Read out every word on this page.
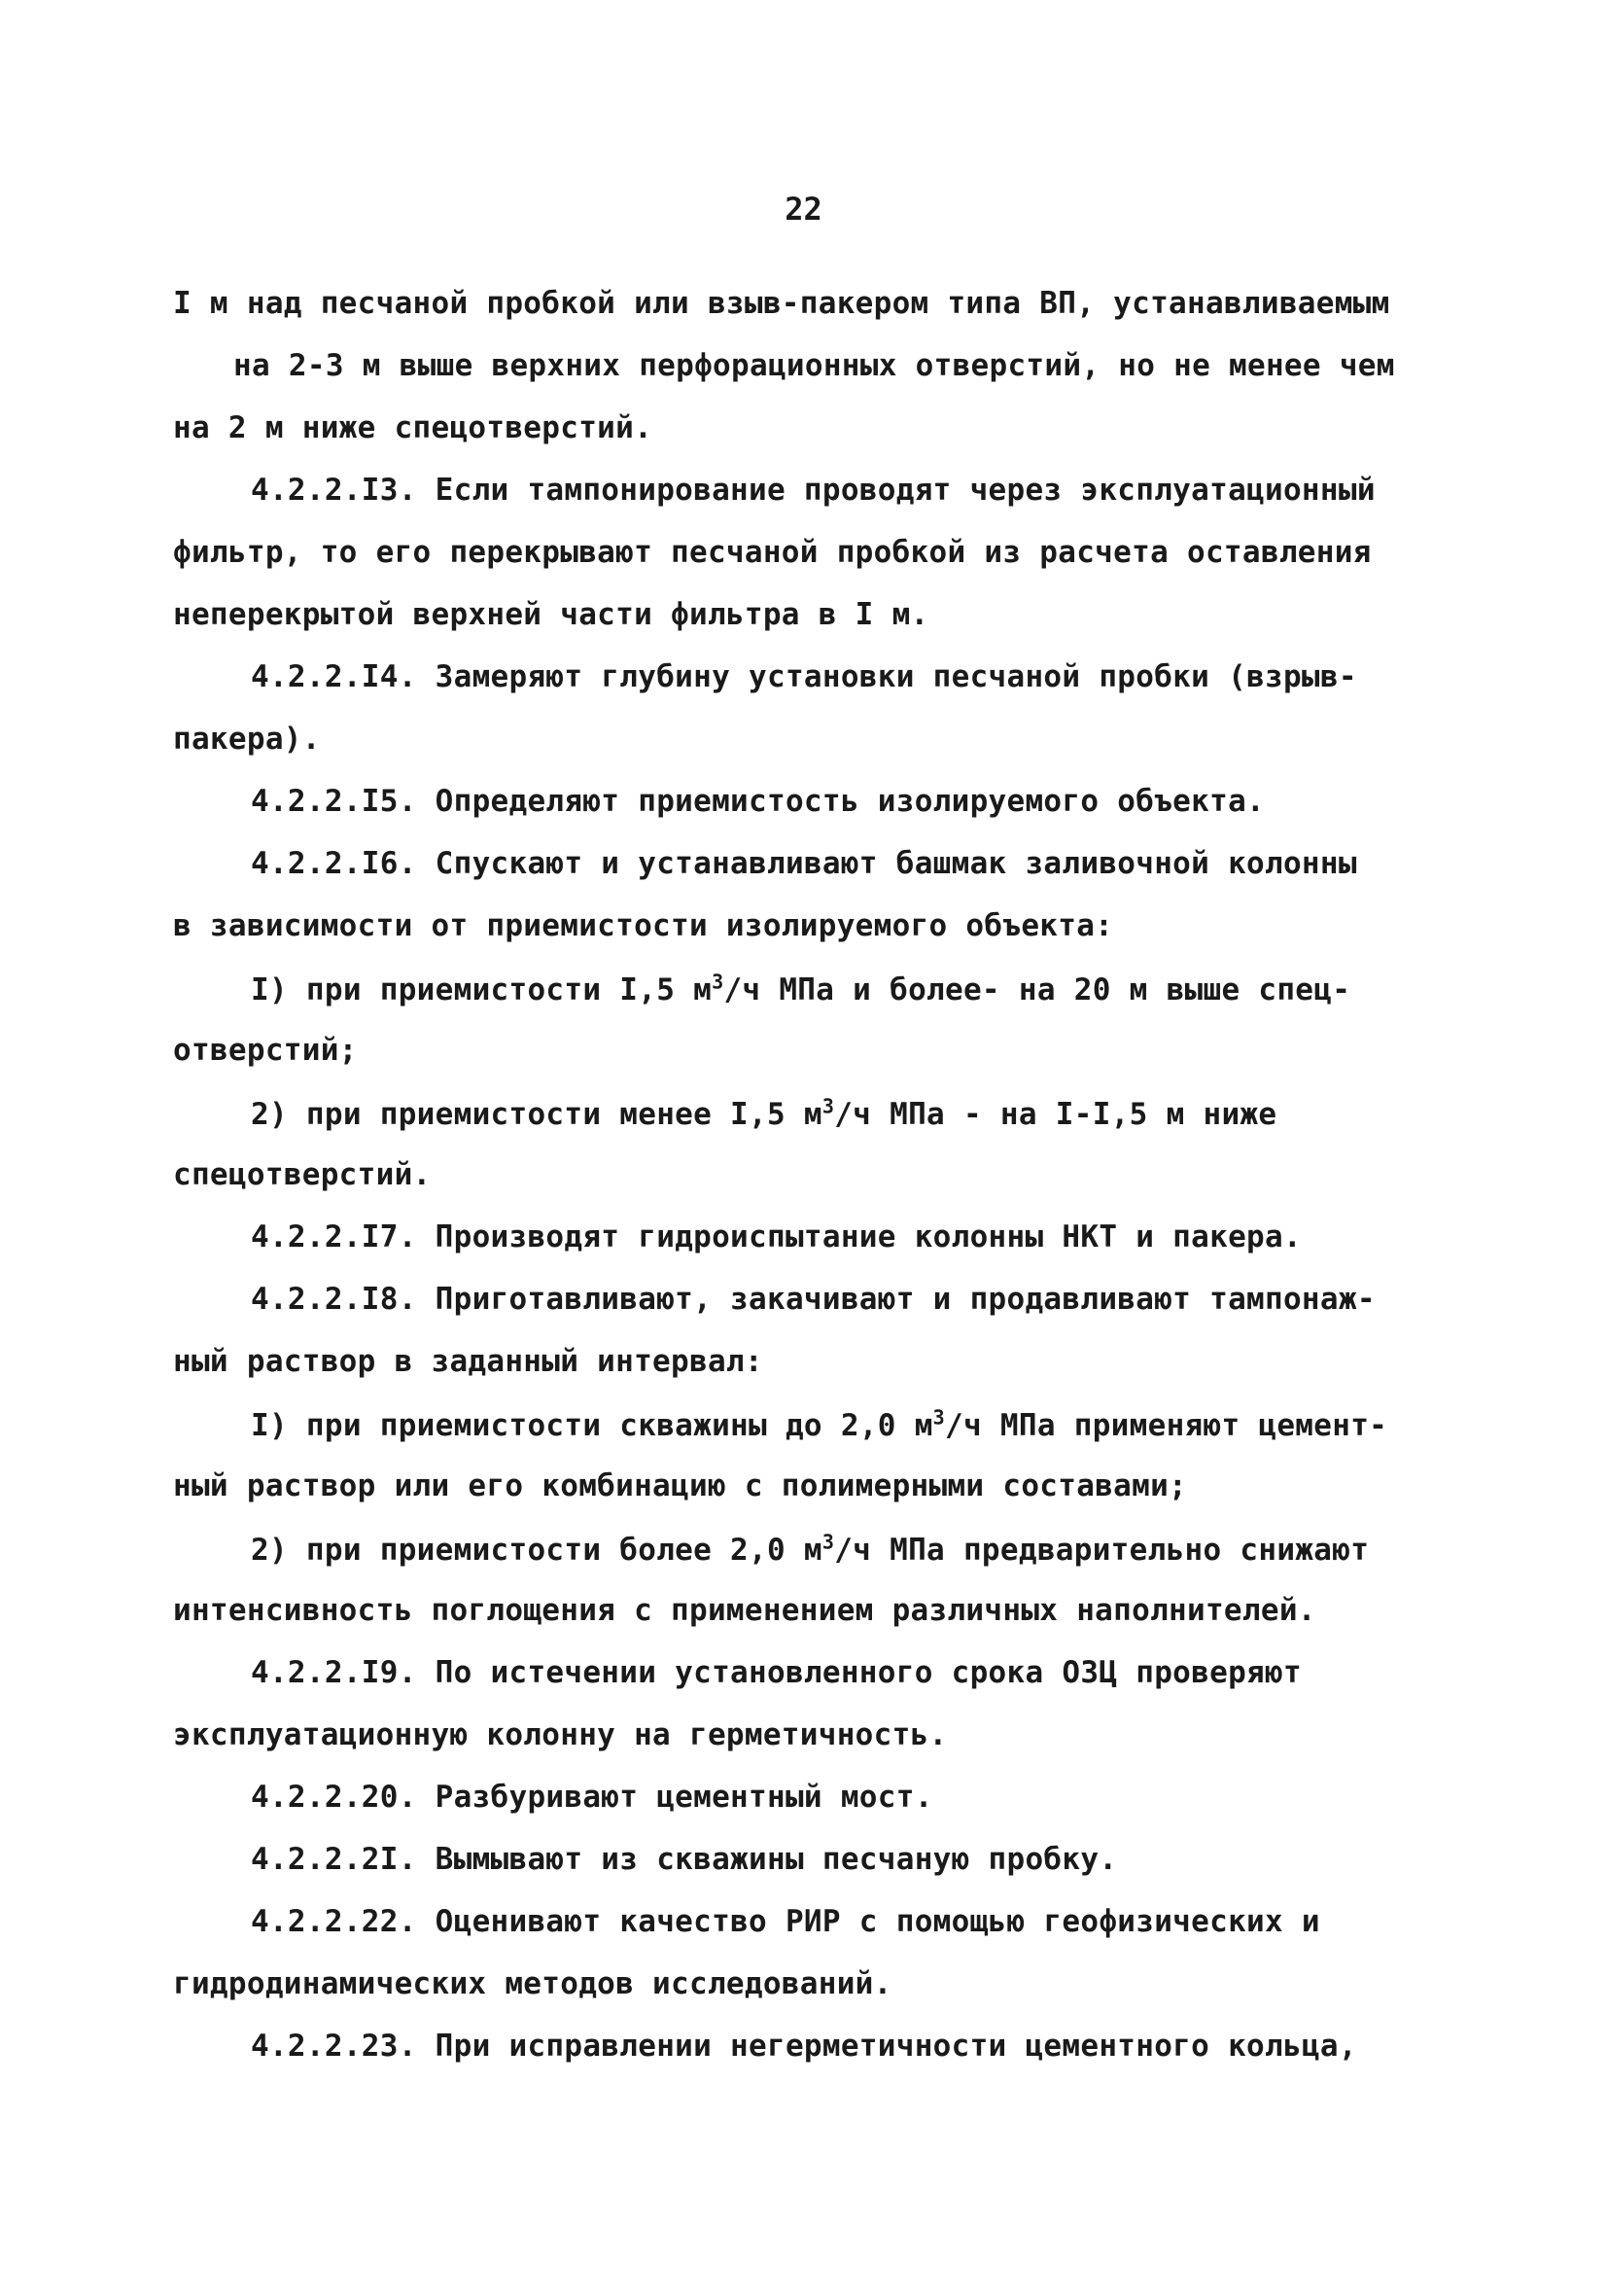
22
I м над песчаной пробкой или взыв-пакером типа ВП, устанавливаемым
на 2-3 м выше верхних перфорационных отверстий, но не менее чем
на 2 м ниже спецотверстий.
4.2.2.I3. Если тампонирование проводят через эксплуатационный
фильтр, то его перекрывают песчаной пробкой из расчета оставления
неперекрытой верхней части фильтра в I м.
4.2.2.I4. Замеряют глубину установки песчаной пробки (взрыв-
пакера).
4.2.2.I5. Определяют приемистость изолируемого объекта.
4.2.2.I6. Спускают и устанавливают башмак заливочной колонны
в зависимости от приемистости изолируемого объекта:
I) при приемистости I,5 $м^3/ч$ МПа и более- на 20 м выше спец-
отверстий;
2) при приемистости менее I,5 $м^3/ч$ МПа - на I-I,5 м ниже
спецотверстий.
4.2.2.I7. Производят гидроиспытание колонны НКТ и пакера.
4.2.2.I8. Приготавливают, закачивают и продавливают тампонаж-
ный раствор в заданный интервал:
I) при приемистости скважины до 2,0 $м^3/ч$ МПа применяют цемент-
ный раствор или его комбинацию с полимерными составами;
2) при приемистости более 2,0 $м^3/ч$ МПа предварительно снижают
интенсивность поглощения с применением различных наполнителей.
4.2.2.I9. По истечении установленного срока ОЗЦ проверяют
эксплуатационную колонну на герметичность.
4.2.2.20. Разбуривают цементный мост.
4.2.2.2I. Вымывают из скважины песчаную пробку.
4.2.2.22. Оценивают качество РИР с помощью геофизических и
гидродинамических методов исследований.
4.2.2.23. При исправлении негерметичности цементного кольца,
